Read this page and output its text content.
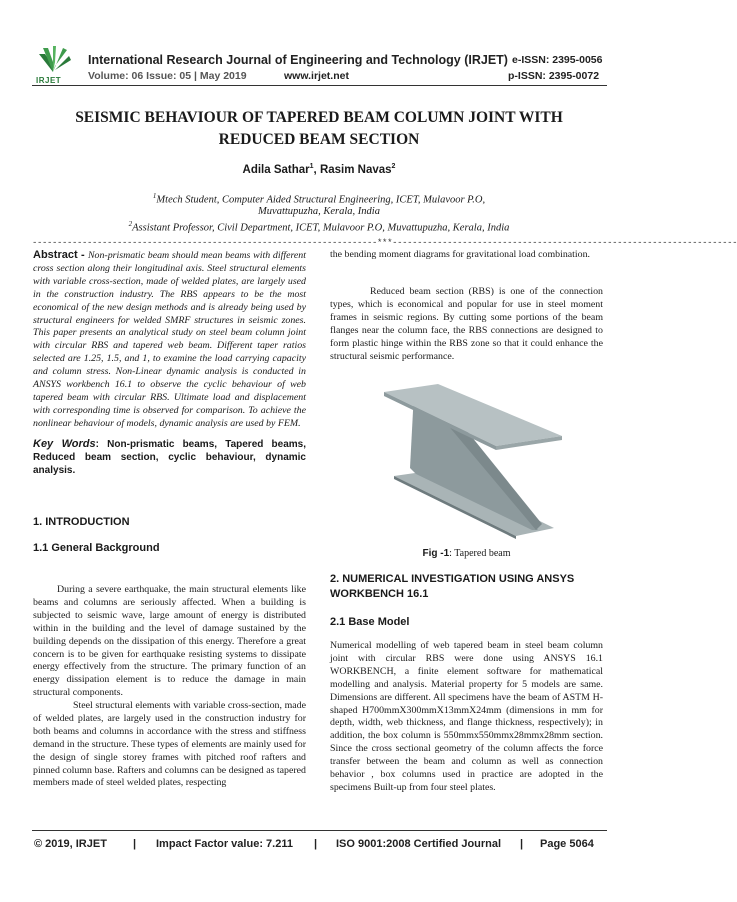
IRJET
International Research Journal of Engineering and Technology (IRJET)
Volume: 06 Issue: 05 | May 2019	www.irjet.net
e-ISSN: 2395-0056
p-ISSN: 2395-0072
SEISMIC BEHAVIOUR OF TAPERED BEAM COLUMN JOINT WITH
REDUCED BEAM SECTION
Adila Sathar$^1$, Rasim Navas$^2$
$^1$Mtech Student, Computer Aided Structural Engineering, ICET, Mulavoor P.O,
Muvattupuzha, Kerala, India
$^2$Assistant Professor, Civil Department, ICET, Mulavoor P.O, Muvattupuzha, Kerala, India
---------------------------------------------------------------------***---------------------------------------------------------------------
Abstract - Non-prismatic beam should mean beams with different cross section along their longitudinal axis. Steel structural elements with variable cross-section, made of welded plates, are largely used in the construction industry. The RBS appears to be the most economical of the new design methods and is already being used by structural engineers for welded SMRF structures in seismic zones. This paper presents an analytical study on steel beam column joint with circular RBS and tapered web beam. Different taper ratios selected are 1.25, 1.5, and 1, to examine the load carrying capacity and column stress. Non-Linear dynamic analysis is conducted in ANSYS workbench 16.1 to observe the cyclic behaviour of web tapered beam with circular RBS. Ultimate load and displacement with corresponding time is observed for comparison. To achieve the nonlinear behaviour of models, dynamic analysis are used by FEM.
Key Words: Non-prismatic beams, Tapered beams, Reduced beam section, cyclic behaviour, dynamic analysis.
1. INTRODUCTION
1.1 General Background
During a severe earthquake, the main structural elements like beams and columns are seriously affected. When a building is subjected to seismic wave, large amount of energy is distributed within in the building and the level of damage sustained by the building depends on the dissipation of this energy. Therefore a great concern is to be given for earthquake resisting systems to dissipate energy effectively from the structure. The primary function of an energy dissipation element is to reduce the damage in main structural components.
Steel structural elements with variable cross-section, made of welded plates, are largely used in the construction industry for both beams and columns in accordance with the stress and stiffness demand in the structure. These types of elements are mainly used for the design of single storey frames with pitched roof rafters and pinned column base. Rafters and columns can be designed as tapered members made of steel welded plates, respecting
the bending moment diagrams for gravitational load combination.
Reduced beam section (RBS) is one of the connection types, which is economical and popular for use in steel moment frames in seismic regions. By cutting some portions of the beam flanges near the column face, the RBS connections are designed to form plastic hinge within the RBS zone so that it could enhance the structural seismic performance.
Fig -1: Tapered beam
2. NUMERICAL INVESTIGATION USING ANSYS WORKBENCH 16.1
2.1 Base Model
Numerical modelling of web tapered beam in steel beam column joint with circular RBS were done using ANSYS 16.1 WORKBENCH, a finite element software for mathematical modelling and analysis. Material property for 5 models are same. Dimensions are different. All specimens have the beam of ASTM H-shaped H700mmX300mmX13mmX24mm (dimensions in mm for depth, width, web thickness, and flange thickness, respectively); in addition, the box column is 550mmx550mmx28mmx28mm section. Since the cross sectional geometry of the column affects the force transfer between the beam and column as well as connection behavior , box columns used in practice are adopted in the specimens Built-up from four steel plates.
© 2019, IRJET | Impact Factor value: 7.211 | ISO 9001:2008 Certified Journal | Page 5064
